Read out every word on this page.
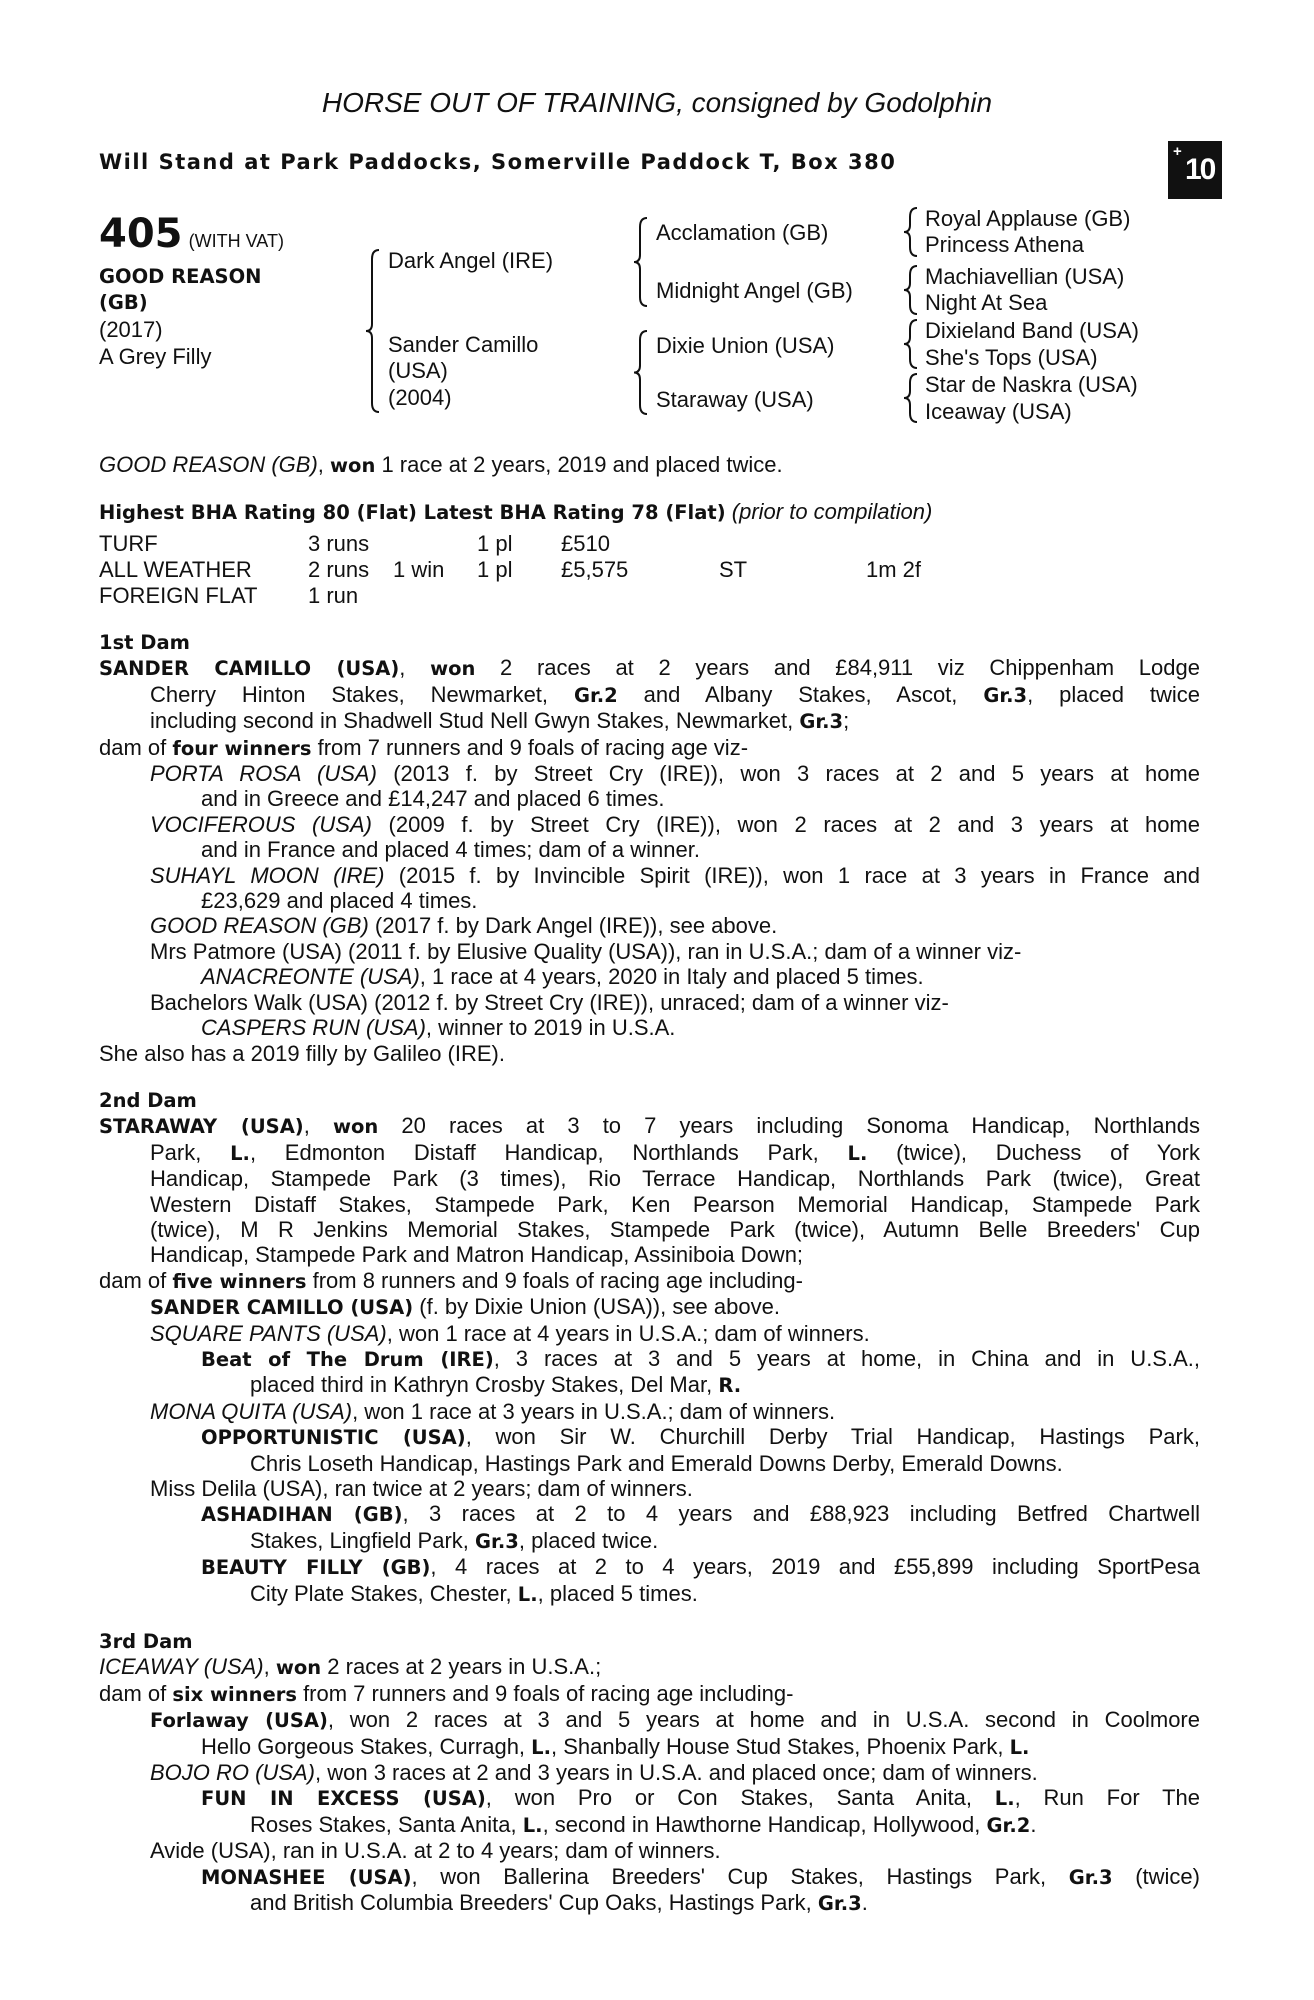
HORSE OUT OF TRAINING, consigned by Godolphin
Will Stand at Park Paddocks, Somerville Paddock T, Box 380	+
10
405 (WITH VAT)
GOOD REASON
(GB)
(2017)
A Grey Filly
Dark Angel (IRE)
Sander Camillo
(USA)
(2004)
Acclamation (GB)
Midnight Angel (GB)
Dixie Union (USA)
Staraway (USA)
Royal Applause (GB)
Princess Athena
Machiavellian (USA)
Night At Sea
Dixieland Band (USA)
She's Tops (USA)
Star de Naskra (USA)
Iceaway (USA)
GOOD REASON (GB), won 1 race at 2 years, 2019 and placed twice.
Highest BHA Rating 80 (Flat) Latest BHA Rating 78 (Flat) (prior to compilation)
TURF	3 runs	1 pl £510
ALL WEATHER	2 runs 1 win 1 pl £5,575	ST	1m 2f
FOREIGN FLAT 1 run
1st Dam
SANDER CAMILLO (USA), won 2 races at 2 years and £84,911 viz Chippenham Lodge
Cherry Hinton Stakes, Newmarket, Gr.2 and Albany Stakes, Ascot, Gr.3, placed twice
including second in Shadwell Stud Nell Gwyn Stakes, Newmarket, Gr.3;
dam of four winners from 7 runners and 9 foals of racing age viz-
PORTA ROSA (USA) (2013 f. by Street Cry (IRE)), won 3 races at 2 and 5 years at home
and in Greece and £14,247 and placed 6 times.
VOCIFEROUS (USA) (2009 f. by Street Cry (IRE)), won 2 races at 2 and 3 years at home
and in France and placed 4 times; dam of a winner.
SUHAYL MOON (IRE) (2015 f. by Invincible Spirit (IRE)), won 1 race at 3 years in France and
£23,629 and placed 4 times.
GOOD REASON (GB) (2017 f. by Dark Angel (IRE)), see above.
Mrs Patmore (USA) (2011 f. by Elusive Quality (USA)), ran in U.S.A.; dam of a winner viz-
ANACREONTE (USA), 1 race at 4 years, 2020 in Italy and placed 5 times.
Bachelors Walk (USA) (2012 f. by Street Cry (IRE)), unraced; dam of a winner viz-
CASPERS RUN (USA), winner to 2019 in U.S.A.
She also has a 2019 filly by Galileo (IRE).
2nd Dam
STARAWAY (USA), won 20 races at 3 to 7 years including Sonoma Handicap, Northlands
Park, L., Edmonton Distaff Handicap, Northlands Park, L. (twice), Duchess of York
Handicap, Stampede Park (3 times), Rio Terrace Handicap, Northlands Park (twice), Great
Western Distaff Stakes, Stampede Park, Ken Pearson Memorial Handicap, Stampede Park
(twice), M R Jenkins Memorial Stakes, Stampede Park (twice), Autumn Belle Breeders' Cup
Handicap, Stampede Park and Matron Handicap, Assiniboia Down;
dam of five winners from 8 runners and 9 foals of racing age including-
SANDER CAMILLO (USA) (f. by Dixie Union (USA)), see above.
SQUARE PANTS (USA), won 1 race at 4 years in U.S.A.; dam of winners.
Beat of The Drum (IRE), 3 races at 3 and 5 years at home, in China and in U.S.A.,
placed third in Kathryn Crosby Stakes, Del Mar, R.
MONA QUITA (USA), won 1 race at 3 years in U.S.A.; dam of winners.
OPPORTUNISTIC (USA), won Sir W. Churchill Derby Trial Handicap, Hastings Park,
Chris Loseth Handicap, Hastings Park and Emerald Downs Derby, Emerald Downs.
Miss Delila (USA), ran twice at 2 years; dam of winners.
ASHADIHAN (GB), 3 races at 2 to 4 years and £88,923 including Betfred Chartwell
Stakes, Lingfield Park, Gr.3, placed twice.
BEAUTY FILLY (GB), 4 races at 2 to 4 years, 2019 and £55,899 including SportPesa
City Plate Stakes, Chester, L., placed 5 times.
3rd Dam
ICEAWAY (USA), won 2 races at 2 years in U.S.A.;
dam of six winners from 7 runners and 9 foals of racing age including-
Forlaway (USA), won 2 races at 3 and 5 years at home and in U.S.A. second in Coolmore
Hello Gorgeous Stakes, Curragh, L., Shanbally House Stud Stakes, Phoenix Park, L.
BOJO RO (USA), won 3 races at 2 and 3 years in U.S.A. and placed once; dam of winners.
FUN IN EXCESS (USA), won Pro or Con Stakes, Santa Anita, L., Run For The
Roses Stakes, Santa Anita, L., second in Hawthorne Handicap, Hollywood, Gr.2.
Avide (USA), ran in U.S.A. at 2 to 4 years; dam of winners.
MONASHEE (USA), won Ballerina Breeders' Cup Stakes, Hastings Park, Gr.3 (twice)
and British Columbia Breeders' Cup Oaks, Hastings Park, Gr.3.
